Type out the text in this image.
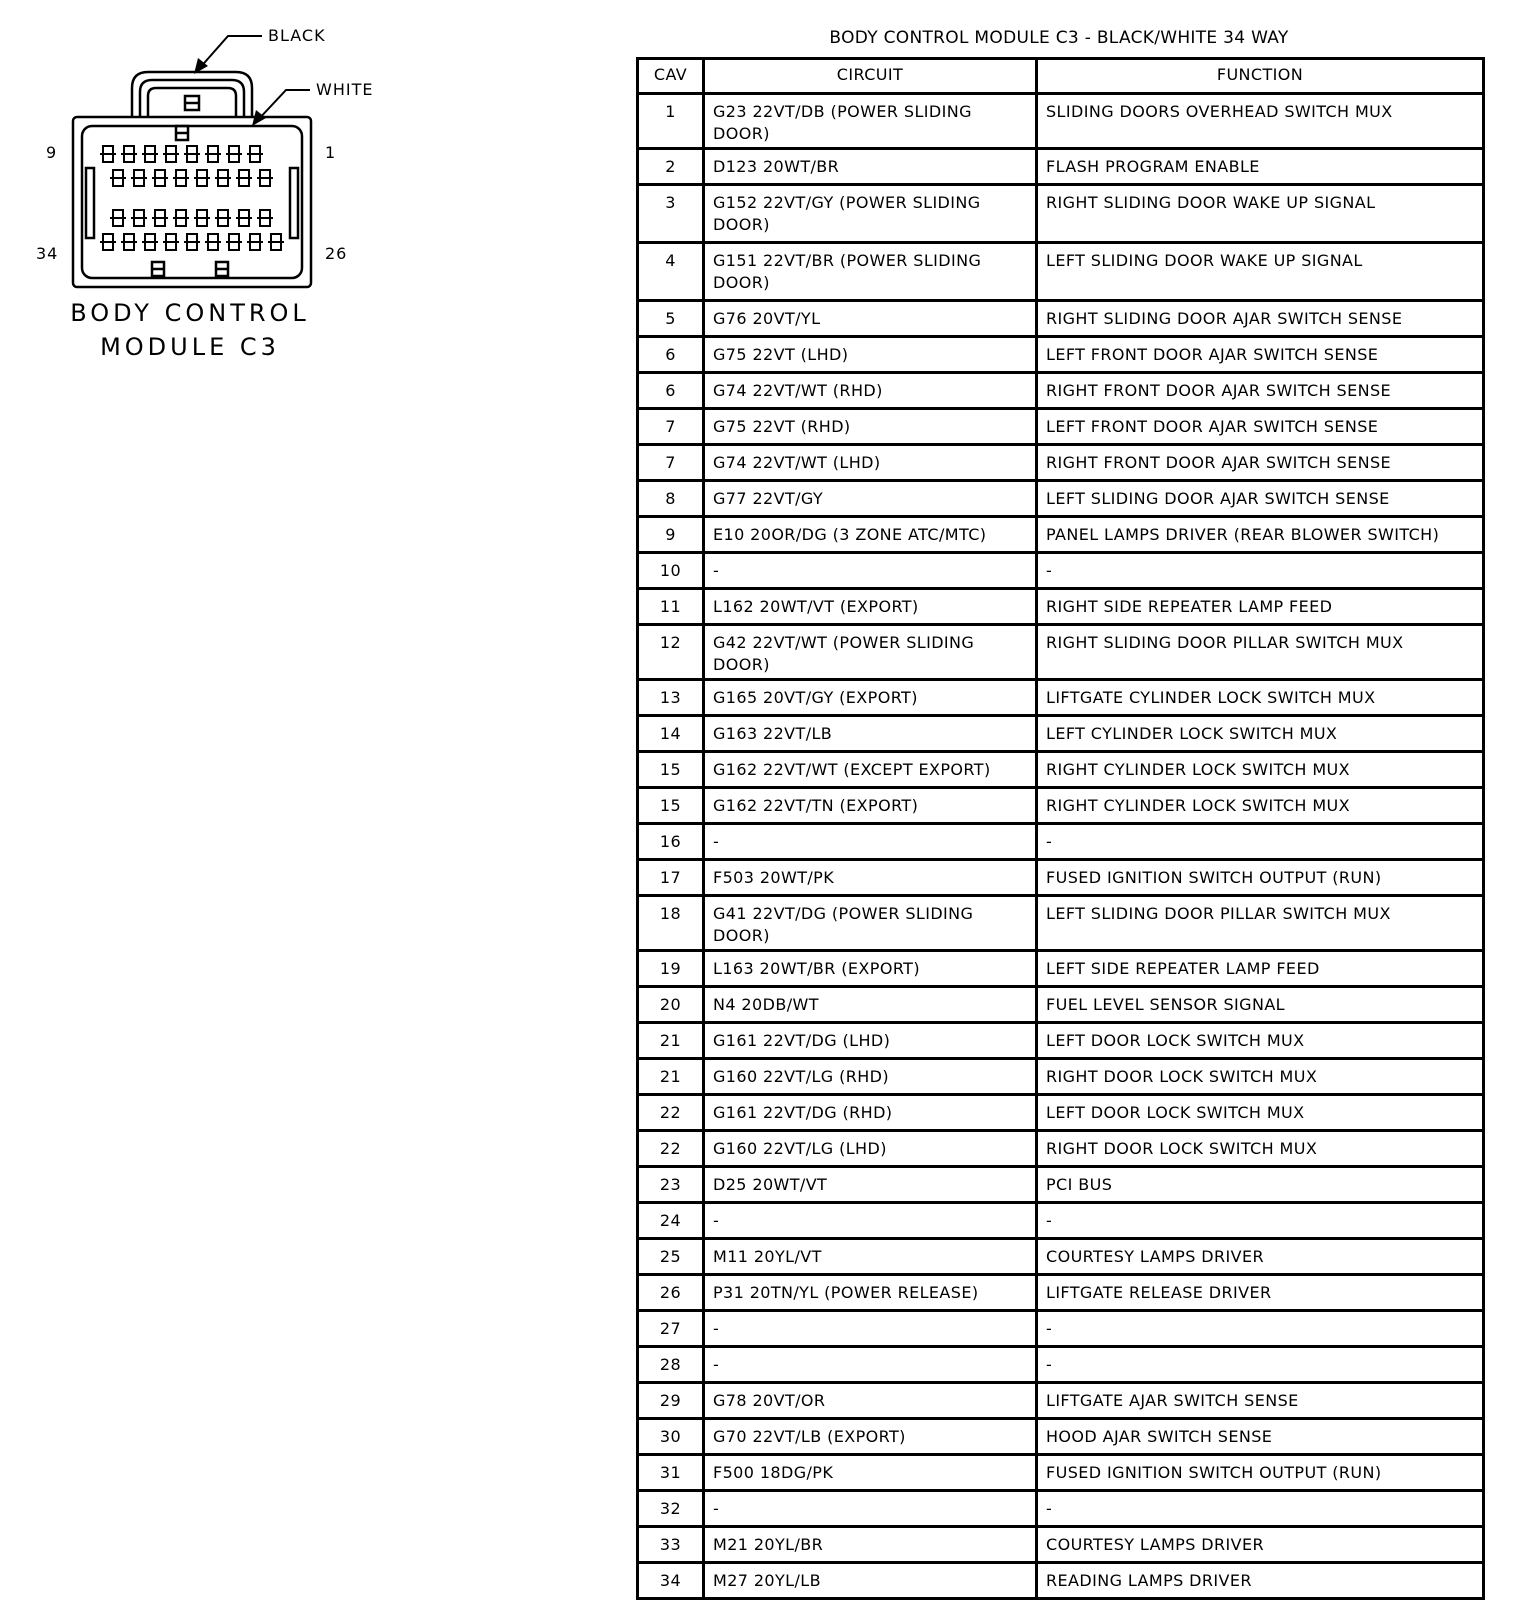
BLACK
WHITE
9	1
34	26
BODY CONTROL
MODULE C3
BODY CONTROL MODULE C3 - BLACK/WHITE 34 WAY
CAV	CIRCUIT	FUNCTION
1	G23 22VT/DB (POWER SLIDING DOOR)	SLIDING DOORS OVERHEAD SWITCH MUX
2	D123 20WT/BR	FLASH PROGRAM ENABLE
3	G152 22VT/GY (POWER SLIDING DOOR)	RIGHT SLIDING DOOR WAKE UP SIGNAL
4	G151 22VT/BR (POWER SLIDING DOOR)	LEFT SLIDING DOOR WAKE UP SIGNAL
5	G76 20VT/YL	RIGHT SLIDING DOOR AJAR SWITCH SENSE
6	G75 22VT (LHD)	LEFT FRONT DOOR AJAR SWITCH SENSE
6	G74 22VT/WT (RHD)	RIGHT FRONT DOOR AJAR SWITCH SENSE
7	G75 22VT (RHD)	LEFT FRONT DOOR AJAR SWITCH SENSE
7	G74 22VT/WT (LHD)	RIGHT FRONT DOOR AJAR SWITCH SENSE
8	G77 22VT/GY	LEFT SLIDING DOOR AJAR SWITCH SENSE
9	E10 20OR/DG (3 ZONE ATC/MTC)	PANEL LAMPS DRIVER (REAR BLOWER SWITCH)
10	-	-
11	L162 20WT/VT (EXPORT)	RIGHT SIDE REPEATER LAMP FEED
12	G42 22VT/WT (POWER SLIDING DOOR)	RIGHT SLIDING DOOR PILLAR SWITCH MUX
13	G165 20VT/GY (EXPORT)	LIFTGATE CYLINDER LOCK SWITCH MUX
14	G163 22VT/LB	LEFT CYLINDER LOCK SWITCH MUX
15	G162 22VT/WT (EXCEPT EXPORT)	RIGHT CYLINDER LOCK SWITCH MUX
15	G162 22VT/TN (EXPORT)	RIGHT CYLINDER LOCK SWITCH MUX
16	-	-
17	F503 20WT/PK	FUSED IGNITION SWITCH OUTPUT (RUN)
18	G41 22VT/DG (POWER SLIDING DOOR)	LEFT SLIDING DOOR PILLAR SWITCH MUX
19	L163 20WT/BR (EXPORT)	LEFT SIDE REPEATER LAMP FEED
20	N4 20DB/WT	FUEL LEVEL SENSOR SIGNAL
21	G161 22VT/DG (LHD)	LEFT DOOR LOCK SWITCH MUX
21	G160 22VT/LG (RHD)	RIGHT DOOR LOCK SWITCH MUX
22	G161 22VT/DG (RHD)	LEFT DOOR LOCK SWITCH MUX
22	G160 22VT/LG (LHD)	RIGHT DOOR LOCK SWITCH MUX
23	D25 20WT/VT	PCI BUS
24	-	-
25	M11 20YL/VT	COURTESY LAMPS DRIVER
26	P31 20TN/YL (POWER RELEASE)	LIFTGATE RELEASE DRIVER
27	-	-
28	-	-
29	G78 20VT/OR	LIFTGATE AJAR SWITCH SENSE
30	G70 22VT/LB (EXPORT)	HOOD AJAR SWITCH SENSE
31	F500 18DG/PK	FUSED IGNITION SWITCH OUTPUT (RUN)
32	-	-
33	M21 20YL/BR	COURTESY LAMPS DRIVER
34	M27 20YL/LB	READING LAMPS DRIVER
